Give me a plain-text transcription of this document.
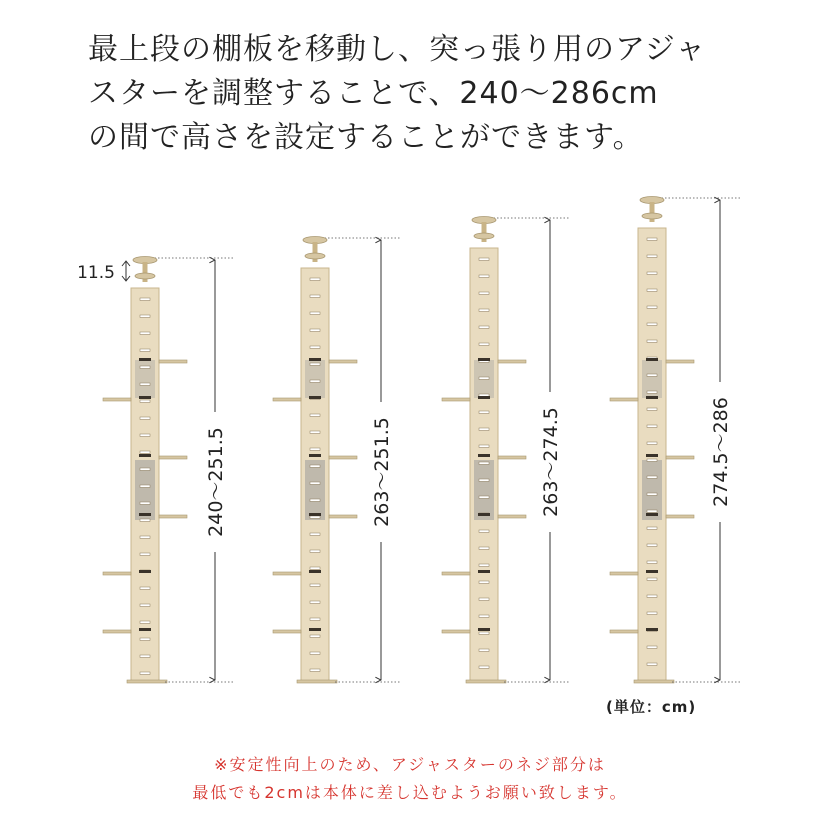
最上段の棚板を移動し、突っ張り用のアジャ
スターを調整することで、240～286cm
の間で高さを設定することができます。
240～251.5	263～251.5	263～274.5	274.5～286
11.5
(単位：cm)
※安定性向上のため、アジャスターのネジ部分は
最低でも2cmは本体に差し込むようお願い致します。
